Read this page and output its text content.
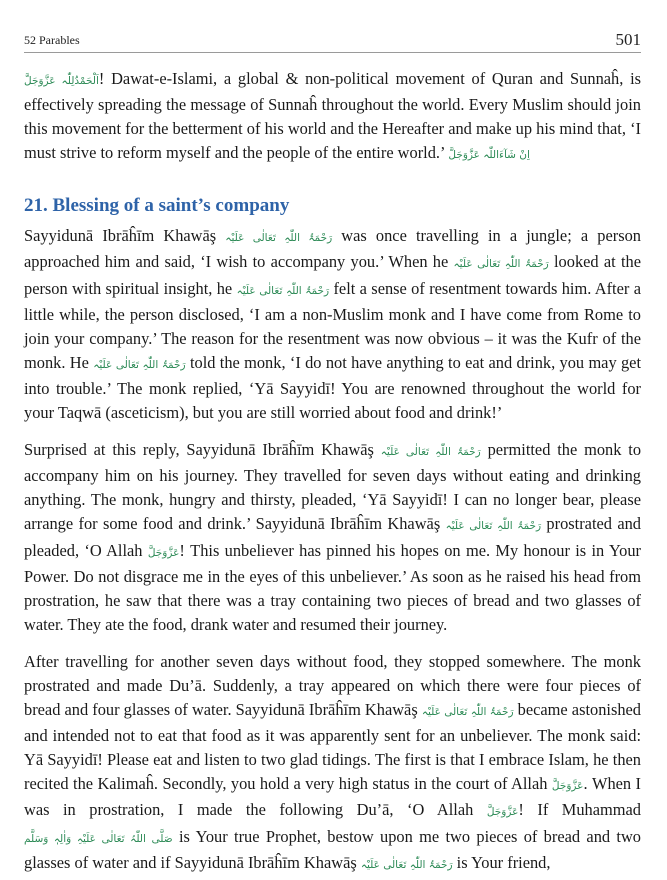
52 Parables	501

اَلْحَمْدُلِلّٰہ عَزَّوَجَلَّ! Dawat-e-Islami, a global & non-political movement of Quran and Sunnaĥ, is effectively spreading the message of Sunnaĥ throughout the world. Every Muslim should join this movement for the betterment of his world and the Hereafter and make up his mind that, ‘I must strive to reform myself and the people of the entire world.’ اِنْ شَآءَاللّٰہ عَزَّوَجَلَّ

21. Blessing of a saint’s company

Sayyidunā Ibrāĥīm Khawāş رَحْمَۃُ اللّٰہِ تَعَالٰی عَلَیْہ was once travelling in a jungle; a person approached him and said, ‘I wish to accompany you.’ When he رَحْمَۃُ اللّٰہِ تَعَالٰی عَلَیْہ looked at the person with spiritual insight, he رَحْمَۃُ اللّٰہِ تَعَالٰی عَلَیْہ felt a sense of resentment towards him. After a little while, the person disclosed, ‘I am a non-Muslim monk and I have come from Rome to join your company.’ The reason for the resentment was now obvious – it was the Kufr of the monk. He رَحْمَۃُ اللّٰہِ تَعَالٰی عَلَیْہ told the monk, ‘I do not have anything to eat and drink, you may get into trouble.’ The monk replied, ‘Yā Sayyidī! You are renowned throughout the world for your Taqwā (asceticism), but you are still worried about food and drink!’

Surprised at this reply, Sayyidunā Ibrāĥīm Khawāş رَحْمَۃُ اللّٰہِ تَعَالٰی عَلَیْہ permitted the monk to accompany him on his journey. They travelled for seven days without eating and drinking anything. The monk, hungry and thirsty, pleaded, ‘Yā Sayyidī! I can no longer bear, please arrange for some food and drink.’ Sayyidunā Ibrāĥīm Khawāş رَحْمَۃُ اللّٰہِ تَعَالٰی عَلَیْہ prostrated and pleaded, ‘O Allah عَزَّوَجَلَّ! This unbeliever has pinned his hopes on me. My honour is in Your Power. Do not disgrace me in the eyes of this unbeliever.’ As soon as he raised his head from prostration, he saw that there was a tray containing two pieces of bread and two glasses of water. They ate the food, drank water and resumed their journey.

After travelling for another seven days without food, they stopped somewhere. The monk prostrated and made Du’ā. Suddenly, a tray appeared on which there were four pieces of bread and four glasses of water. Sayyidunā Ibrāĥīm Khawāş رَحْمَۃُ اللّٰہِ تَعَالٰی عَلَیْہ became astonished and intended not to eat that food as it was apparently sent for an unbeliever. The monk said: Yā Sayyidī! Please eat and listen to two glad tidings. The first is that I embrace Islam, he then recited the Kalimaĥ. Secondly, you hold a very high status in the court of Allah عَزَّوَجَلَّ. When I was in prostration, I made the following Du’ā, ‘O Allah عَزَّوَجَلَّ! If Muhammad صَلَّی اللّٰہُ تَعَالٰی عَلَیْہِ وَاٰلِہٖ وَسَلَّم is Your true Prophet, bestow upon me two pieces of bread and two glasses of water and if Sayyidunā Ibrāĥīm Khawāş رَحْمَۃُ اللّٰہِ تَعَالٰی عَلَیْہ is Your friend,
